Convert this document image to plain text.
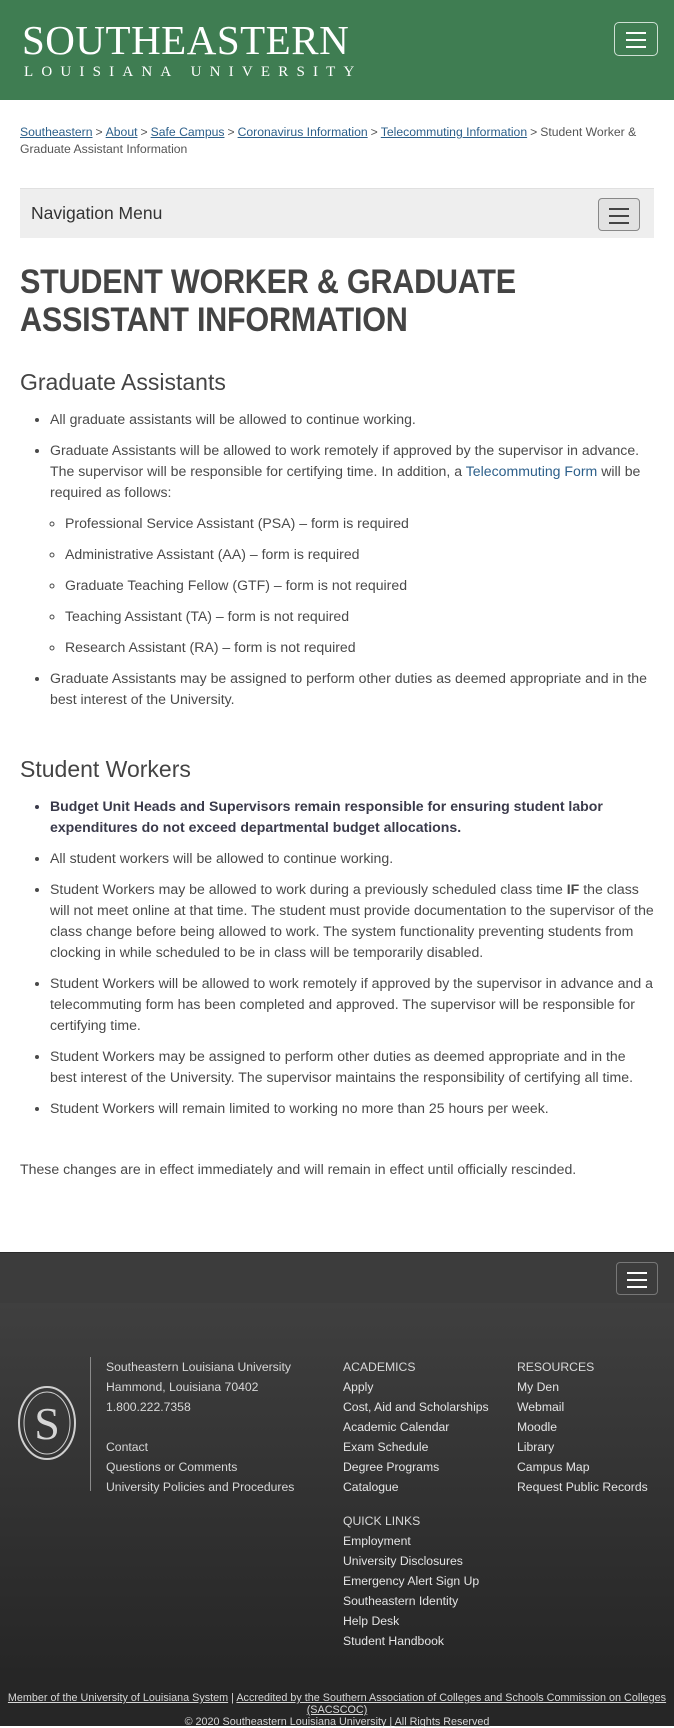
SOUTHEASTERN
LOUISIANA UNIVERSITY
Southeastern > About > Safe Campus > Coronavirus Information > Telecommuting Information > Student Worker & Graduate Assistant Information
Navigation Menu
STUDENT WORKER & GRADUATE ASSISTANT INFORMATION
Graduate Assistants
• All graduate assistants will be allowed to continue working.
• Graduate Assistants will be allowed to work remotely if approved by the supervisor in advance. The supervisor will be responsible for certifying time. In addition, a Telecommuting Form will be required as follows:
◦ Professional Service Assistant (PSA) – form is required
◦ Administrative Assistant (AA) – form is required
◦ Graduate Teaching Fellow (GTF) – form is not required
◦ Teaching Assistant (TA) – form is not required
◦ Research Assistant (RA) – form is not required
• Graduate Assistants may be assigned to perform other duties as deemed appropriate and in the best interest of the University.
Student Workers
• Budget Unit Heads and Supervisors remain responsible for ensuring student labor expenditures do not exceed departmental budget allocations.
• All student workers will be allowed to continue working.
• Student Workers may be allowed to work during a previously scheduled class time IF the class will not meet online at that time. The student must provide documentation to the supervisor of the class change before being allowed to work. The system functionality preventing students from clocking in while scheduled to be in class will be temporarily disabled.
• Student Workers will be allowed to work remotely if approved by the supervisor in advance and a telecommuting form has been completed and approved. The supervisor will be responsible for certifying time.
• Student Workers may be assigned to perform other duties as deemed appropriate and in the best interest of the University. The supervisor maintains the responsibility of certifying all time.
• Student Workers will remain limited to working no more than 25 hours per week.

These changes are in effect immediately and will remain in effect until officially rescinded.

S
Southeastern Louisiana University
Hammond, Louisiana 70402
1.800.222.7358
Contact
Questions or Comments
University Policies and Procedures
ACADEMICS
Apply
Cost, Aid and Scholarships
Academic Calendar
Exam Schedule
Degree Programs
Catalogue
RESOURCES
My Den
Webmail
Moodle
Library
Campus Map
Request Public Records
QUICK LINKS
Employment
University Disclosures
Emergency Alert Sign Up
Southeastern Identity
Help Desk
Student Handbook
Member of the University of Louisiana System | Accredited by the Southern Association of Colleges and Schools Commission on Colleges (SACSCOC)
© 2020 Southeastern Louisiana University | All Rights Reserved
